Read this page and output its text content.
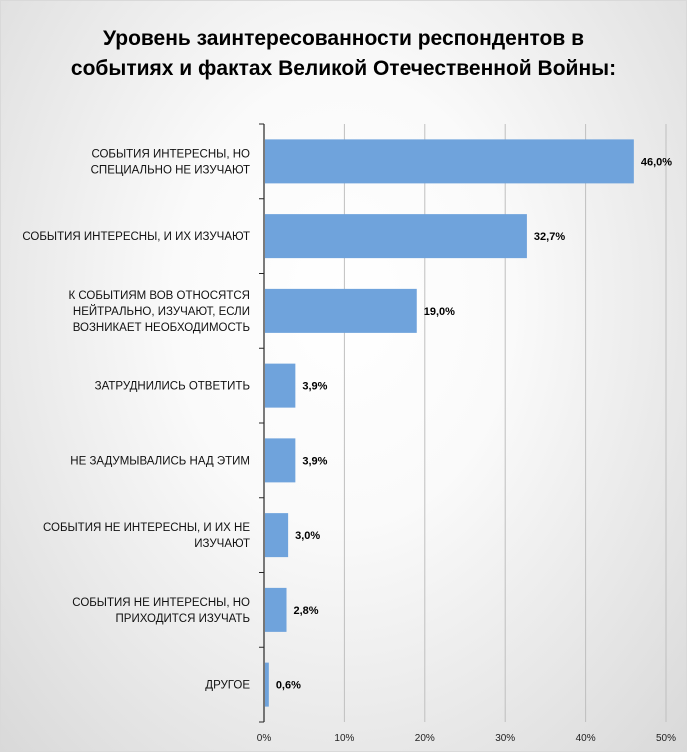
Уровень заинтересованности респондентов в
событиях и фактах Великой Отечественной Войны:
0%	10%	20%	30%	40%	50%
46,0%
СОБЫТИЯ ИНТЕРЕСНЫ, НО СПЕЦИАЛЬНО НЕ ИЗУЧАЮТ
32,7%
СОБЫТИЯ ИНТЕРЕСНЫ, И ИХ ИЗУЧАЮТ
19,0%
К СОБЫТИЯМ ВОВ ОТНОСЯТСЯ НЕЙТРАЛЬНО, ИЗУЧАЮТ, ЕСЛИ ВОЗНИКАЕТ НЕОБХОДИМОСТЬ
3,9%
ЗАТРУДНИЛИСЬ ОТВЕТИТЬ
3,9%
НЕ ЗАДУМЫВАЛИСЬ НАД ЭТИМ
3,0%
СОБЫТИЯ НЕ ИНТЕРЕСНЫ, И ИХ НЕ ИЗУЧАЮТ
2,8%
СОБЫТИЯ НЕ ИНТЕРЕСНЫ, НО ПРИХОДИТСЯ ИЗУЧАТЬ
0,6%
ДРУГОЕ
